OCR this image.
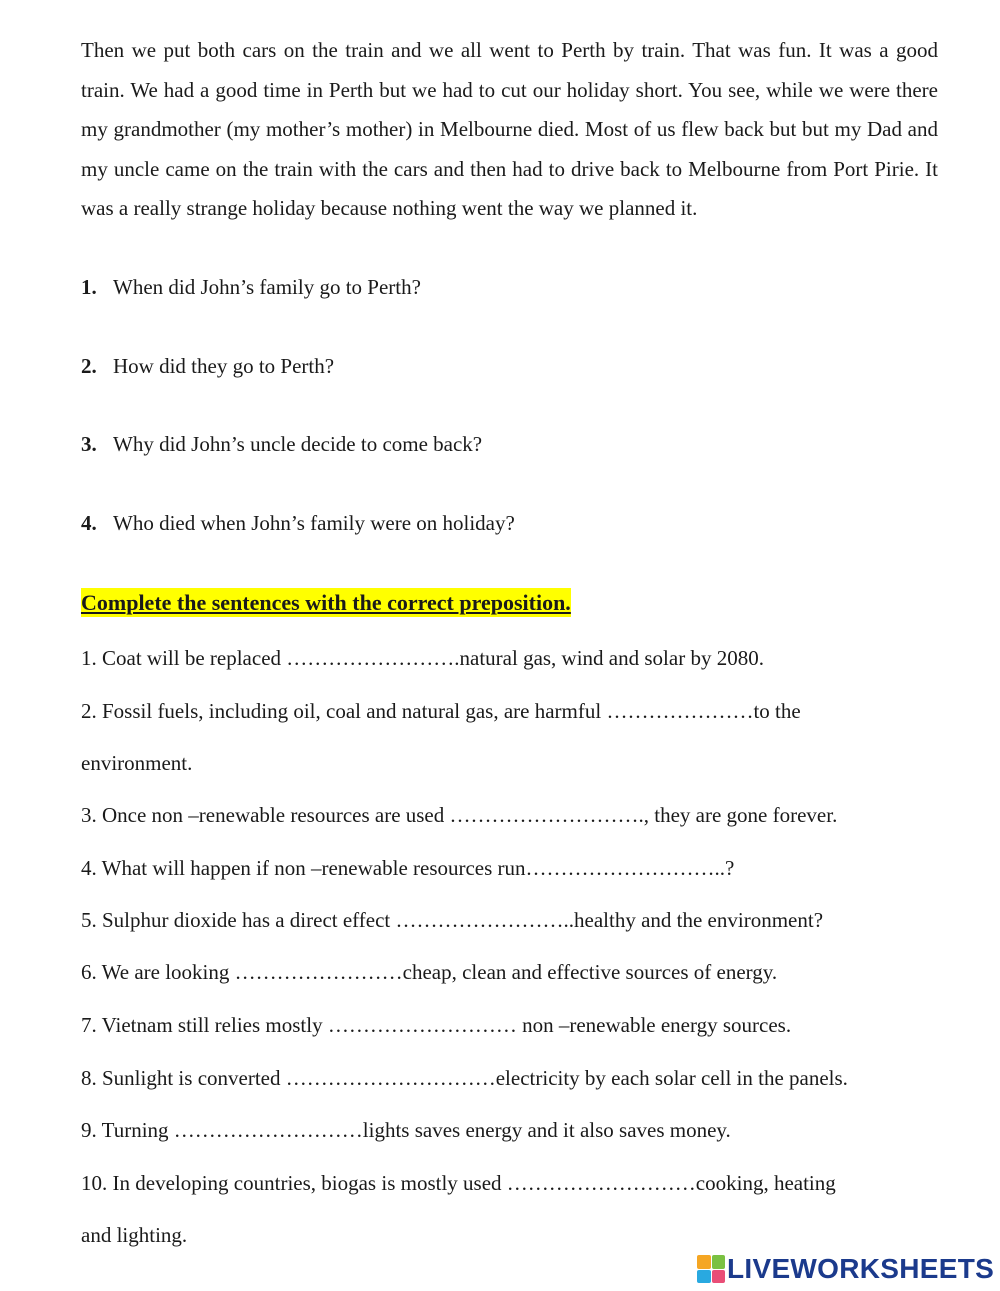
Then we put both cars on the train and we all went to Perth by train. That was fun. It was a good train. We had a good time in Perth but we had to cut our holiday short. You see, while we were there my grandmother (my mother’s mother) in Melbourne died. Most of us flew back but but my Dad and my uncle came on the train with the cars and then had to drive back to Melbourne from Port Pirie. It was a really strange holiday because nothing went the way we planned it.
1. When did John’s family go to Perth?
2. How did they go to Perth?
3. Why did John’s uncle decide to come back?
4. Who died when John’s family were on holiday?
Complete the sentences with the correct preposition.
1. Coat will be replaced …………………….natural gas, wind and solar by 2080.
2. Fossil fuels, including oil, coal and natural gas, are harmful …………………to the
environment.
3. Once non –renewable resources are used ………………………., they are gone forever.
4. What will happen if non –renewable resources run………………………..?
5. Sulphur dioxide has a direct effect ……………………..healthy and the environment?
6. We are looking ……………………cheap, clean and effective sources of energy.
7. Vietnam still relies mostly ……………………… non –renewable energy sources.
8. Sunlight is converted …………………………electricity by each solar cell in the panels.
9. Turning ………………………lights saves energy and it also saves money.
10. In developing countries, biogas is mostly used ………………………cooking, heating
and lighting.
LIVEWORKSHEETS
